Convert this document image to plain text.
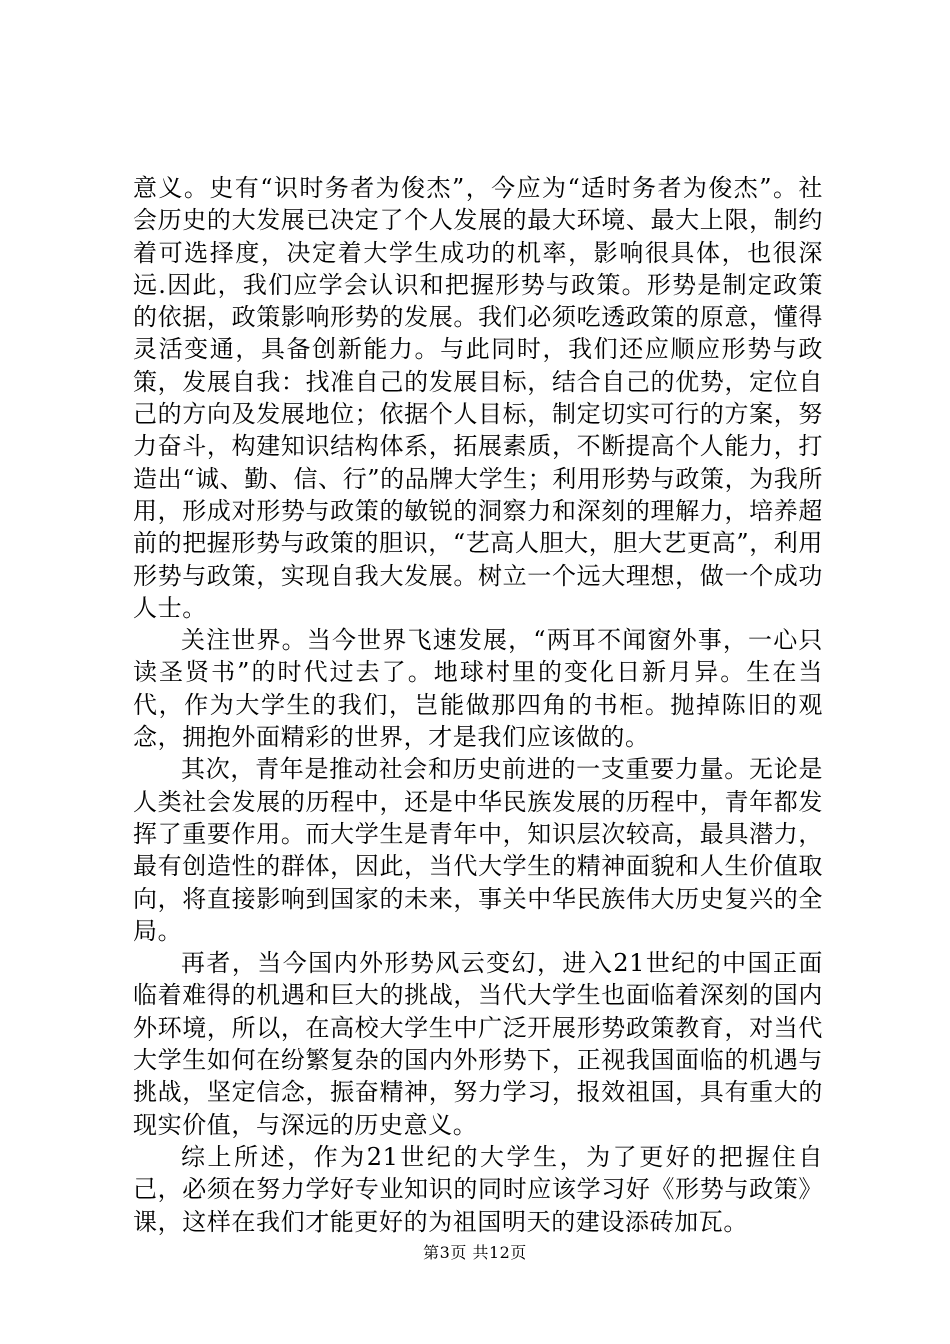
意义。史有“识时务者为俊杰”，今应为“适时务者为俊杰”。社会历史的大发展已决定了个人发展的最大环境、最大上限，制约着可选择度，决定着大学生成功的机率，影响很具体，也很深远.因此，我们应学会认识和把握形势与政策。形势是制定政策的依据，政策影响形势的发展。我们必须吃透政策的原意，懂得灵活变通，具备创新能力。与此同时，我们还应顺应形势与政策，发展自我：找准自己的发展目标，结合自己的优势，定位自己的方向及发展地位；依据个人目标，制定切实可行的方案，努力奋斗，构建知识结构体系，拓展素质，不断提高个人能力，打造出“诚、勤、信、行”的品牌大学生；利用形势与政策，为我所用，形成对形势与政策的敏锐的洞察力和深刻的理解力，培养超前的把握形势与政策的胆识，“艺高人胆大，胆大艺更高”，利用形势与政策，实现自我大发展。树立一个远大理想，做一个成功人士。

关注世界。当今世界飞速发展，“两耳不闻窗外事，一心只读圣贤书”的时代过去了。地球村里的变化日新月异。生在当代，作为大学生的我们，岂能做那四角的书柜。抛掉陈旧的观念，拥抱外面精彩的世界，才是我们应该做的。

其次，青年是推动社会和历史前进的一支重要力量。无论是人类社会发展的历程中，还是中华民族发展的历程中，青年都发挥了重要作用。而大学生是青年中，知识层次较高，最具潜力，最有创造性的群体，因此，当代大学生的精神面貌和人生价值取向，将直接影响到国家的未来，事关中华民族伟大历史复兴的全局。

再者，当今国内外形势风云变幻，进入21世纪的中国正面临着难得的机遇和巨大的挑战，当代大学生也面临着深刻的国内外环境，所以，在高校大学生中广泛开展形势政策教育，对当代大学生如何在纷繁复杂的国内外形势下，正视我国面临的机遇与挑战，坚定信念，振奋精神，努力学习，报效祖国，具有重大的现实价值，与深远的历史意义。

综上所述，作为21世纪的大学生，为了更好的把握住自己，必须在努力学好专业知识的同时应该学习好《形势与政策》课，这样在我们才能更好的为祖国明天的建设添砖加瓦。

第3页 共12页
